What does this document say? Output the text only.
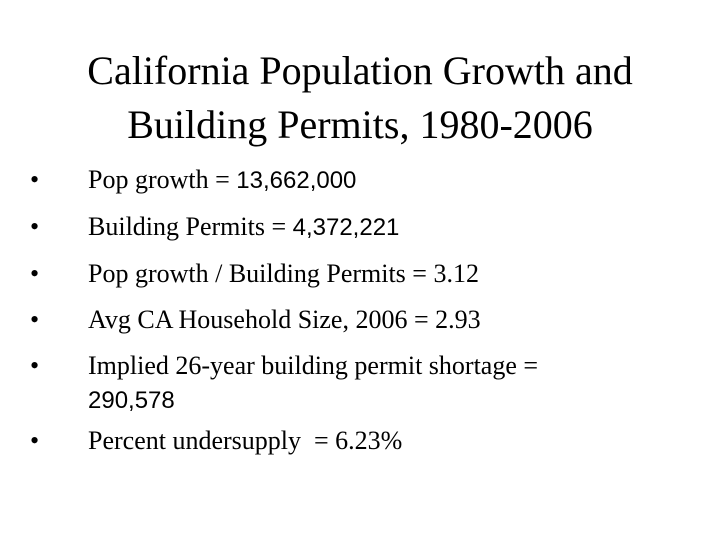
California Population Growth and
Building Permits, 1980-2006
• Pop growth = 13,662,000
• Building Permits = 4,372,221
• Pop growth / Building Permits = 3.12
• Avg CA Household Size, 2006 = 2.93
• Implied 26-year building permit shortage =
290,578
• Percent undersupply  = 6.23%
